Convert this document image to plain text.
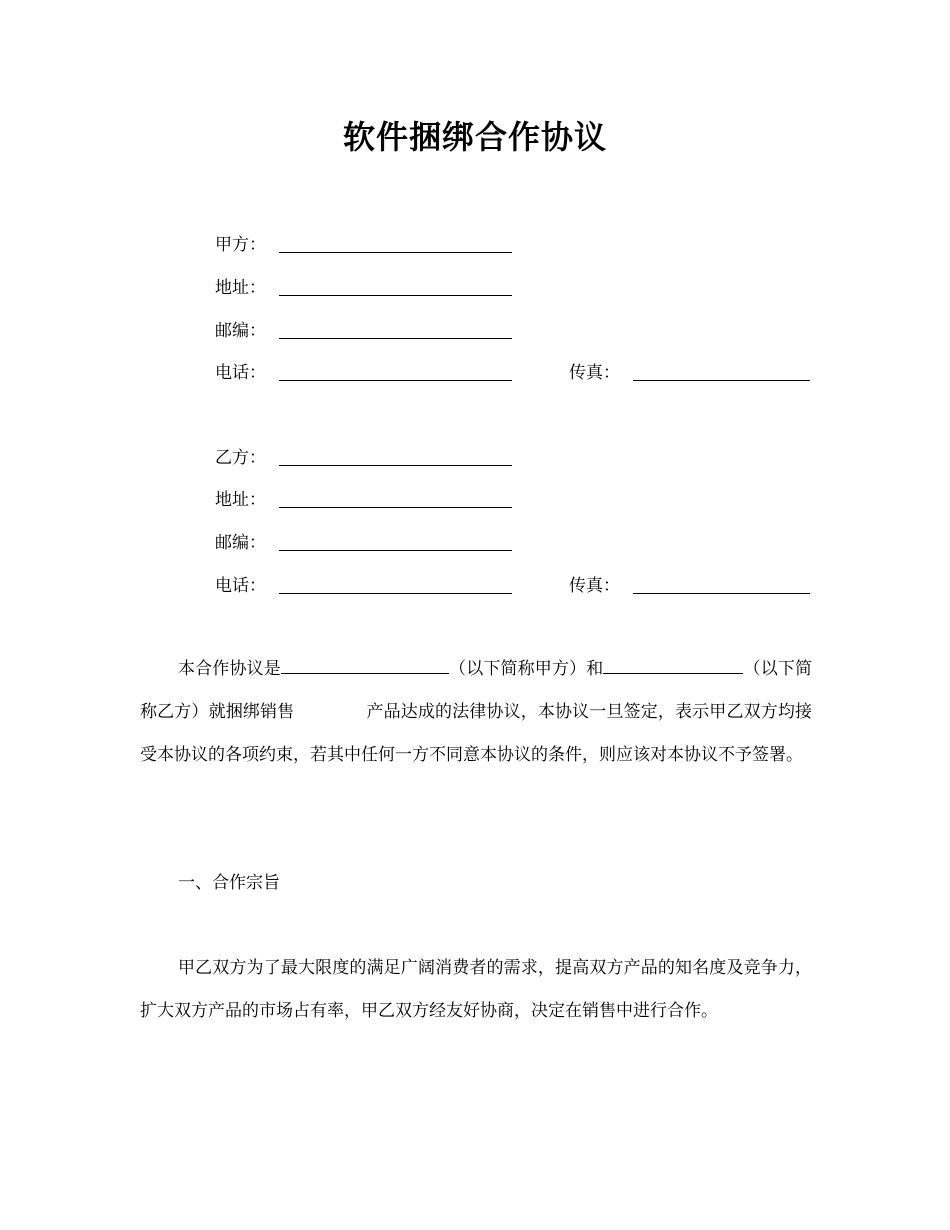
软件捆绑合作协议
甲方：
地址：
邮编：
电话：	传真：
乙方：
地址：
邮编：
电话：	传真：
本合作协议是	（以下简称甲方）和	（以下简称乙方）就捆绑销售	产品达成的法律协议，本协议一旦签定，表示甲乙双方均接受本协议的各项约束，若其中任何一方不同意本协议的条件，则应该对本协议不予签署。
一、合作宗旨
甲乙双方为了最大限度的满足广阔消费者的需求，提高双方产品的知名度及竞争力，扩大双方产品的市场占有率，甲乙双方经友好协商，决定在销售中进行合作。
